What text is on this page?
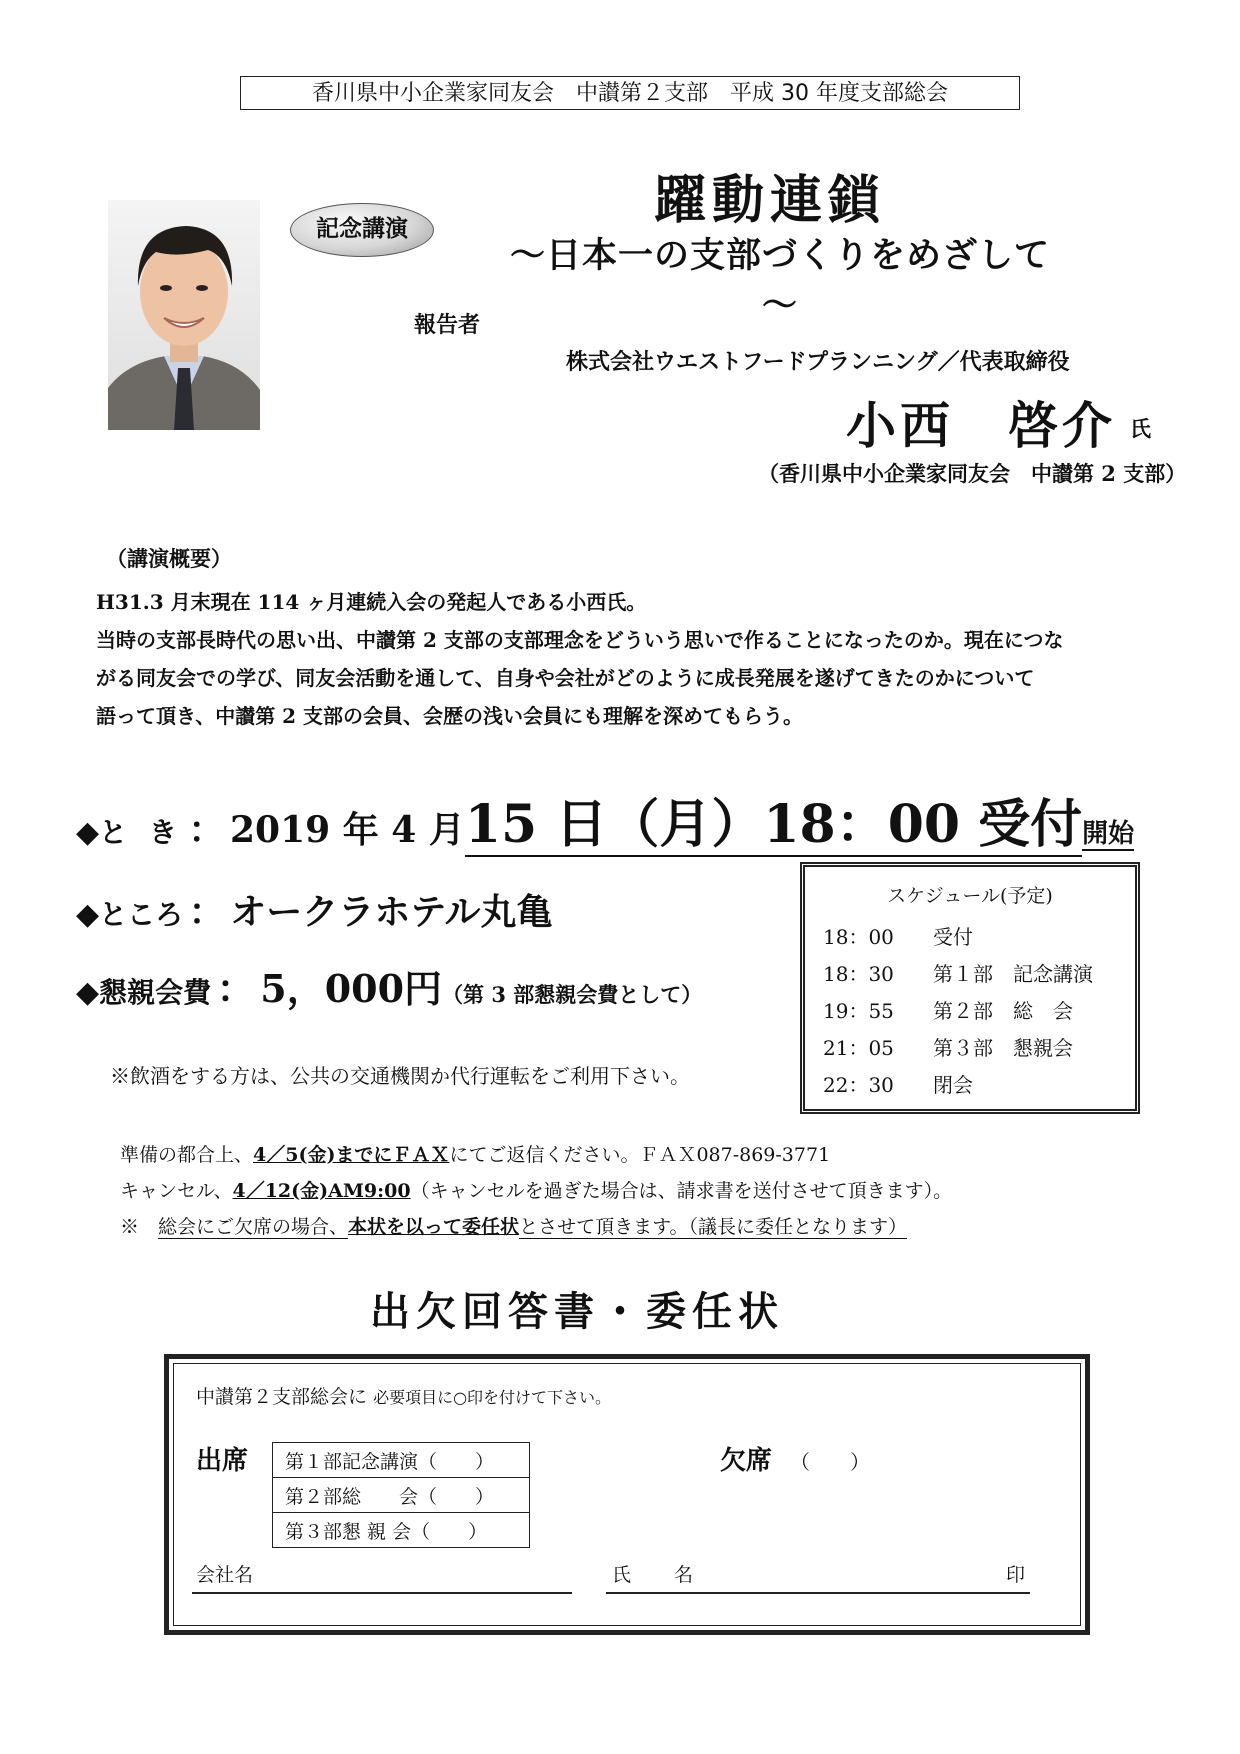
香川県中小企業家同友会　中讃第２支部　平成 30 年度支部総会
記念講演	躍動連鎖
～日本一の支部づくりをめざして～
報告者
株式会社ウエストフードプランニング／代表取締役
小西　啓介 氏
（香川県中小企業家同友会　中讃第 2 支部）
（講演概要）
H31.3 月末現在 114 ヶ月連続入会の発起人である小西氏。
当時の支部長時代の思い出、中讃第 2 支部の支部理念をどういう思いで作ることになったのか。現在につな
がる同友会での学び、同友会活動を通して、自身や会社がどのように成長発展を遂げてきたのかについて
語って頂き、中讃第 2 支部の会員、会歴の浅い会員にも理解を深めてもらう。
◆と き ： 2019 年 4 月15 日（月）18：00 受付開始
◆ところ ： オークラホテル丸亀
◆懇親会費 ： 5，000円（第 3 部懇親会費として）
※飲酒をする方は、公共の交通機関か代行運転をご利用下さい。
スケジュール(予定)
18：00 受付
18：30 第１部　記念講演
19：55 第２部　総　会
21：05 第３部　懇親会
22：30 閉会
準備の都合上、4／5(金)までにＦＡＸにてご返信ください。ＦＡＸ087-869-3771
キャンセル、4／12(金)AM9:00（キャンセルを過ぎた場合は、請求書を送付させて頂きます）。
※　 総会にご欠席の場合、本状を以って委任状とさせて頂きます。（議長に委任となります）
出欠回答書・委任状
中讃第２支部総会に 必要項目に○印を付けて下さい。
出席 第１部記念講演（　　）
第２部総　　会（　　）
第３部懇 親 会（　　）
欠席 （　　）
会社名	氏　名	印
